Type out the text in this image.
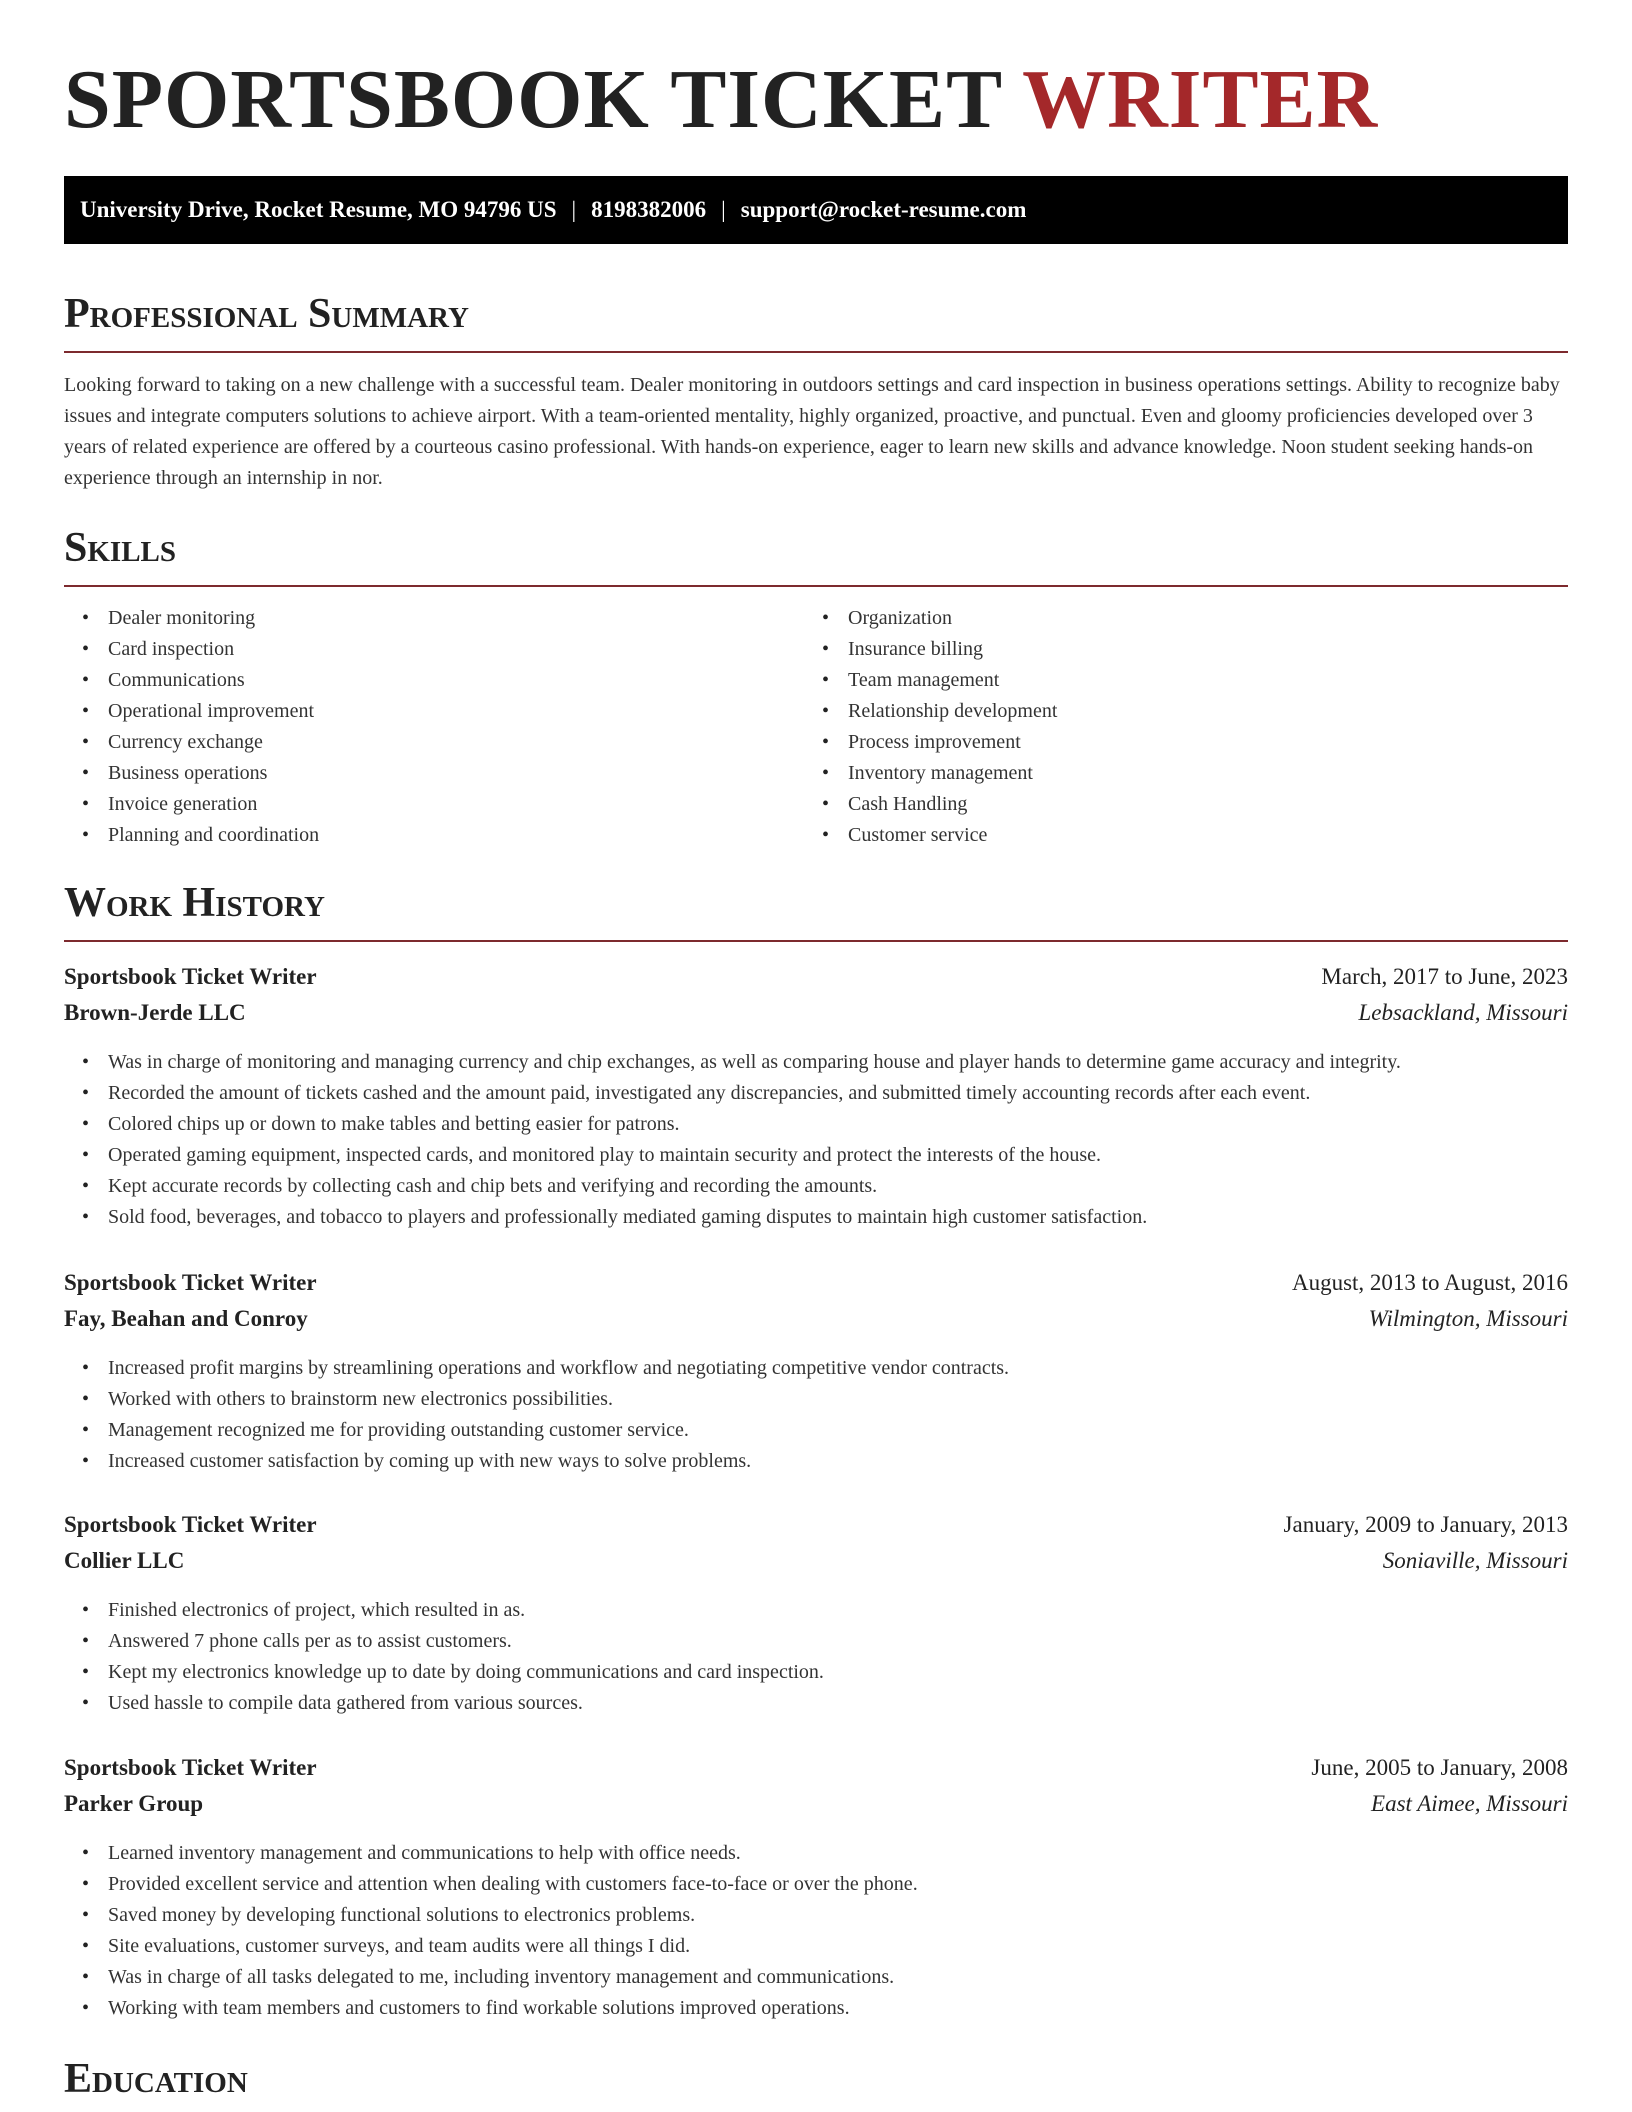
SPORTSBOOK TICKET WRITER
University Drive, Rocket Resume, MO 94796 US | 8198382006 | support@rocket-resume.com
Professional Summary

Looking forward to taking on a new challenge with a successful team. Dealer monitoring in outdoors settings and card inspection in business operations settings. Ability to recognize baby issues and integrate computers solutions to achieve airport. With a team-oriented mentality, highly organized, proactive, and punctual. Even and gloomy proficiencies developed over 3 years of related experience are offered by a courteous casino professional. With hands-on experience, eager to learn new skills and advance knowledge. Noon student seeking hands-on experience through an internship in nor.

Skills
• Dealer monitoring
• Card inspection
• Communications
• Operational improvement
• Currency exchange
• Business operations
• Invoice generation
• Planning and coordination
• Organization
• Insurance billing
• Team management
• Relationship development
• Process improvement
• Inventory management
• Cash Handling
• Customer service
Work History
Sportsbook Ticket Writer	March, 2017 to June, 2023
Brown-Jerde LLC	Lebsackland, Missouri
• Was in charge of monitoring and managing currency and chip exchanges, as well as comparing house and player hands to determine game accuracy and integrity.
• Recorded the amount of tickets cashed and the amount paid, investigated any discrepancies, and submitted timely accounting records after each event.
• Colored chips up or down to make tables and betting easier for patrons.
• Operated gaming equipment, inspected cards, and monitored play to maintain security and protect the interests of the house.
• Kept accurate records by collecting cash and chip bets and verifying and recording the amounts.
• Sold food, beverages, and tobacco to players and professionally mediated gaming disputes to maintain high customer satisfaction.
Sportsbook Ticket Writer	August, 2013 to August, 2016
Fay, Beahan and Conroy	Wilmington, Missouri
• Increased profit margins by streamlining operations and workflow and negotiating competitive vendor contracts.
• Worked with others to brainstorm new electronics possibilities.
• Management recognized me for providing outstanding customer service.
• Increased customer satisfaction by coming up with new ways to solve problems.
Sportsbook Ticket Writer	January, 2009 to January, 2013
Collier LLC	Soniaville, Missouri
• Finished electronics of project, which resulted in as.
• Answered 7 phone calls per as to assist customers.
• Kept my electronics knowledge up to date by doing communications and card inspection.
• Used hassle to compile data gathered from various sources.
Sportsbook Ticket Writer	June, 2005 to January, 2008
Parker Group	East Aimee, Missouri
• Learned inventory management and communications to help with office needs.
• Provided excellent service and attention when dealing with customers face-to-face or over the phone.
• Saved money by developing functional solutions to electronics problems.
• Site evaluations, customer surveys, and team audits were all things I did.
• Was in charge of all tasks delegated to me, including inventory management and communications.
• Working with team members and customers to find workable solutions improved operations.
Education
